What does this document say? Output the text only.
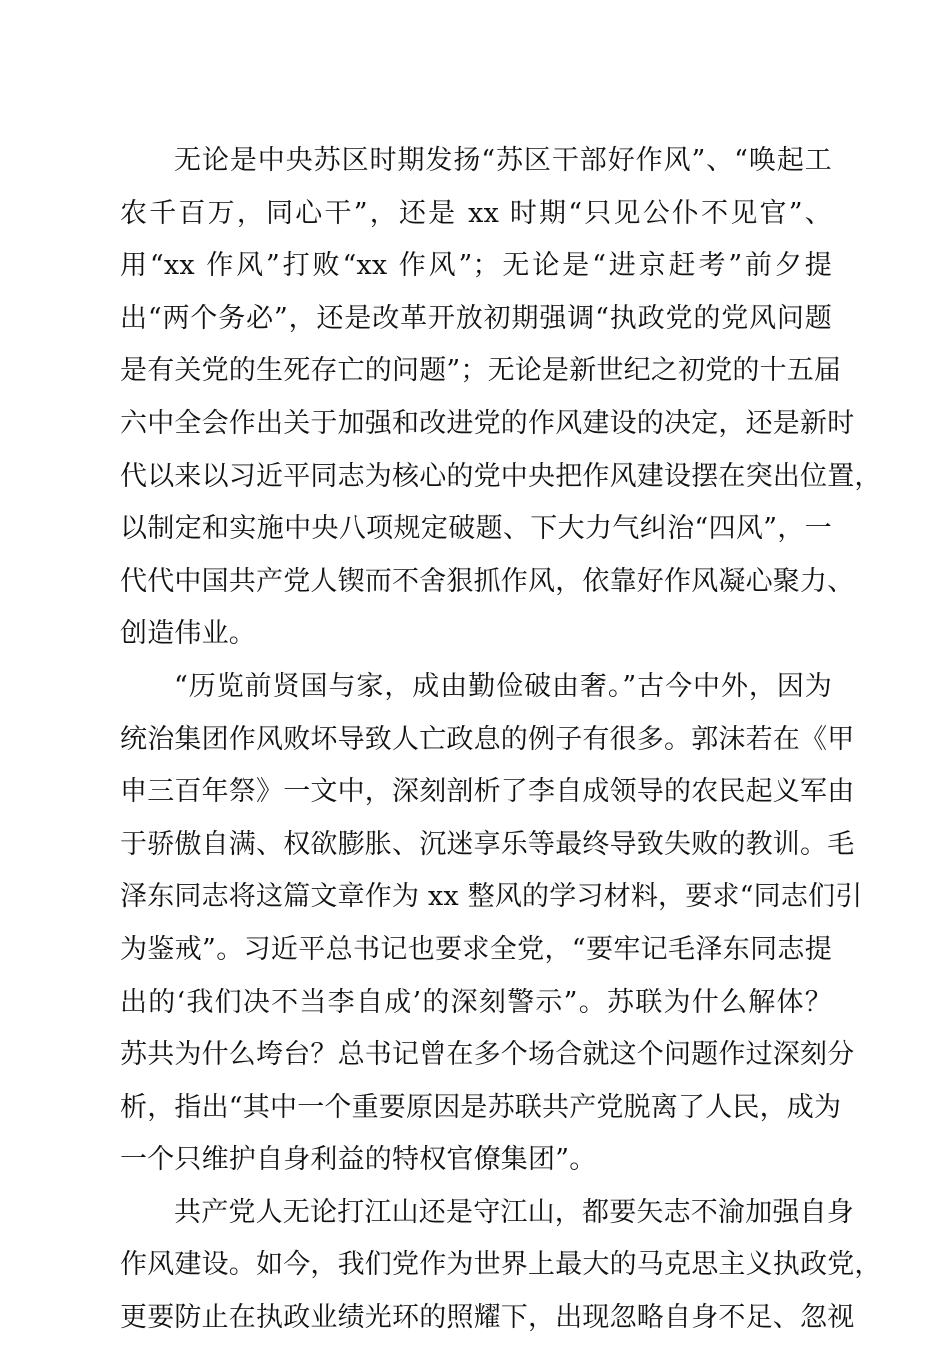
无论是中央苏区时期发扬“苏区干部好作风”、“唤起工
农千百万，同心干”，还是 xx 时期“只见公仆不见官”、
用“xx 作风”打败“xx 作风”；无论是“进京赶考”前夕提
出“两个务必”，还是改革开放初期强调“执政党的党风问题
是有关党的生死存亡的问题”；无论是新世纪之初党的十五届
六中全会作出关于加强和改进党的作风建设的决定，还是新时
代以来以习近平同志为核心的党中央把作风建设摆在突出位置，
以制定和实施中央八项规定破题、下大力气纠治“四风”，一
代代中国共产党人锲而不舍狠抓作风，依靠好作风凝心聚力、
创造伟业。
“历览前贤国与家，成由勤俭破由奢。”古今中外，因为
统治集团作风败坏导致人亡政息的例子有很多。郭沫若在《甲
申三百年祭》一文中，深刻剖析了李自成领导的农民起义军由
于骄傲自满、权欲膨胀、沉迷享乐等最终导致失败的教训。毛
泽东同志将这篇文章作为 xx 整风的学习材料，要求“同志们引
为鉴戒”。习近平总书记也要求全党，“要牢记毛泽东同志提
出的‘我们决不当李自成’的深刻警示”。苏联为什么解体？
苏共为什么垮台？总书记曾在多个场合就这个问题作过深刻分
析，指出“其中一个重要原因是苏联共产党脱离了人民，成为
一个只维护自身利益的特权官僚集团”。
共产党人无论打江山还是守江山，都要矢志不渝加强自身
作风建设。如今，我们党作为世界上最大的马克思主义执政党，
更要防止在执政业绩光环的照耀下，出现忽略自身不足、忽视
